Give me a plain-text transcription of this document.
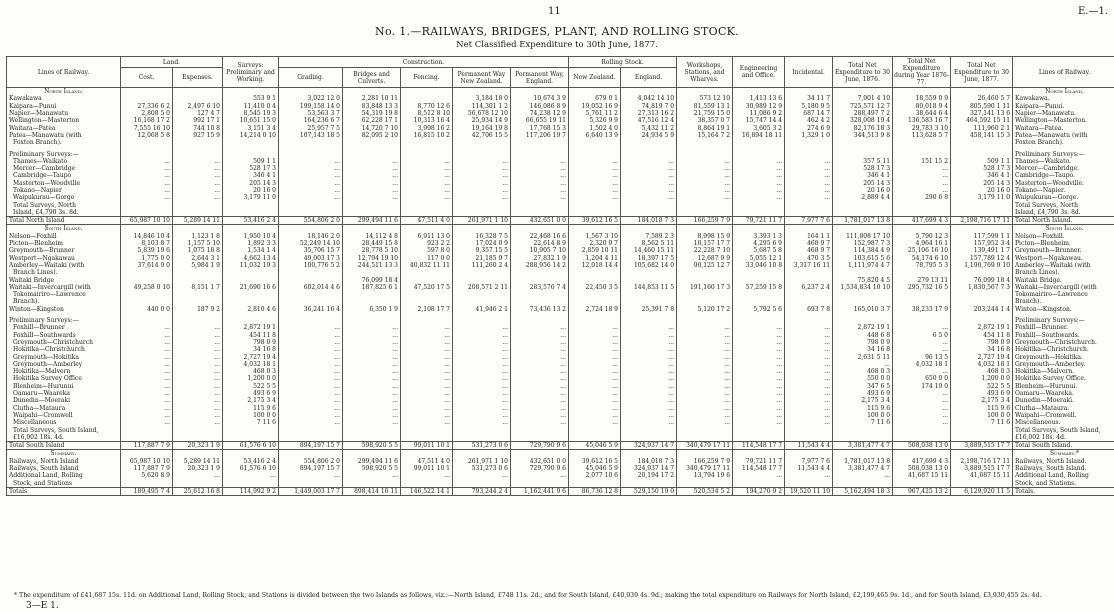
11	E.—1.
No. 1.—RAILWAYS, BRIDGES, PLANT, AND ROLLING STOCK.
Net Classified Expenditure to 30th June, 1877.
Lines of Railway.	Land.		Surveys: Preliminary and Working.	Construction.					Rolling Stock.		Workshops, Stations, and Wharves.	Engineering and Office.	Incidental.	Total Net Expenditure to 30 June, 1876.	Total Net Expenditure during Year 1876-77.	Total Net Expenditure to 30 June, 1877.	Lines of Railway.
	Cost.	Expenses.		Grading.	Bridges and Culverts.	Fencing.	Permanent Way New Zealand.	Permanent Way, England.	New Zealand.	England.							
North Island.																	North Island.
Kawakawa			553 9 1	3,022 12 0	2,281 10 11		3,184 18 0	10,674 3 9	679 0 1	4,042 14 10	573 12 10	1,413 13 6	34 11 7	7,901 4 10	18,559 0 9	26,460 5 7	Kawakawa.
Kaipara—Punui	27,336 6 2	2,497 6 10	11,410 0 4	199,158 14 0	83,848 13 3	8,770 12 6	114,301 1 2	146,086 8 9	19,052 16 9	74,819 7 0	81,559 13 1	30,989 12 9	5,180 9 5	725,571 12 7	80,018 9 4	805,590 1 11	Kaipara—Punui.
Napier—Manawatu	2,808 5 0	127 4 7	8,545 19 3	53,563 3 7	54,319 19 8	8,512 8 10	56,678 12 10	74,238 12 9	5,761 11 2	27,313 16 2	21,759 15 0	11,086 9 2	687 14 7	288,497 7 2	38,644 6 4	327,141 13 6	Napier—Manawatu.
Wellington—Masterton	16,168 17 2	992 17 1	10,651 15 0	164,236 6 7	62,228 17 1	10,313 16 4	25,934 14 9	66,655 19 11	5,326 9 9	47,516 12 4	38,357 0 7	15,747 14 4	462 4 2	328,008 19 4	136,583 16 7	464,592 15 11	Wellington—Masterton.
Waitara—Patea	7,555 16 10	744 10 8	3,151 3 4	25,957 7 5	14,720 7 10	3,998 16 2	19,164 19 8	17,768 15 3	1,502 4 0	5,432 11 2	8,864 19 1	3,605 3 2	274 6 9	82,176 18 3	29,783 3 10	111,960 2 1	Waitara—Patea.
Patea—Manawatu (with	12,068 5 8	927 15 9	14,214 0 10	107,143 18 5	82,095 2 10	16,815 10 2	42,706 15 5	117,206 19 7	6,640 13 9	24,934 5 9	15,164 7 2	16,894 18 11	1,329 1 0	344,513 9 8	113,628 5 7	458,141 15 3	Patea—Manawatu (with
Foxton Branch).																	Foxton Branch).

Preliminary Surveys:—																	Preliminary Surveys:—
Thames—Waikato	...	...	509 1 1	...	...	...	...	...	...	...	...	...	...	357 5 11	151 15 2	509 1 1	Thames—Waikato.
Mercer—Cambridge	...	...	528 17 3	...	...	...	...	...	...	...	...	...	...	528 17 3	...	528 17 3	Mercer—Cambridge.
Cambridge—Taupo	...	...	346 4 1	...	...	...	...	...	...	...	...	...	...	346 4 1	...	346 4 1	Cambridge—Taupo.
Masterton—Woodville	...	...	205 14 3	...	...	...	...	...	...	...	...	...	...	205 14 3	...	205 14 3	Masterton—Woodville.
Tokano—Napier	...	...	20 16 0	...	...	...	...	...	...	...	...	...	...	20 16 0	...	20 16 0	Tokano—Napier.
Waipukurau—Gorge	...	...	3,179 11 0	...	...	...	...	...	...	...	...	...	...	2,889 4 4	290 6 8	3,179 11 0	Waipukurau—Gorge.
Total Surveys, North																	Total Surveys, North
Island, £4,790 3s. 8d.																	Island, £4,790 3s. 8d.
Total North Island	65,987 10 10	5,289 14 11	53,416 2 4	554,806 2 0	299,494 11 6	47,511 4 0	261,971 1 10	432,651 0 0	39,612 16 5	184,018 7 3	166,259 7 9	79,721 11 7	7,977 7 6	1,781,017 13 8	417,699 4 3	2,198,716 17 11	Total North Island.
South Island.																	South Island.
Nelson—Foxhill	14,846 10 4	1,123 1 8	1,950 10 4	18,146 2 0	14,112 4 8	6,911 13 0	16,328 7 5	22,468 16 6	1,567 3 10	7,589 2 3	8,998 15 9	3,393 1 3	164 1 1	111,808 17 10	5,790 12 3	117,599 1 1	Nelson—Foxhill.
Picton—Blenheim	8,103 8 7	1,157 5 10	1,892 3 3	52,249 14 10	28,449 15 8	923 2 2	17,024 0 9	22,614 8 9	2,320 9 7	8,562 5 11	10,157 17 7	4,295 6 9	468 9 7	152,987 7 3	4,964 16 1	157,952 3 4	Picton—Blenheim.
Greymouth—Brunner	5,839 19 6	1,075 18 8	1,534 1 4	35,706 15 7	28,778 5 10	597 8 0	9,357 15 5	10,905 7 10	2,859 10 11	14,460 15 11	22,228 7 10	5,687 5 8	468 9 7	114,384 4 9	25,106 16 10	139,491 1 7	Greymouth—Brunner.
Westport—Ngakawau	1,775 0 0	2,644 3 1	4,662 13 4	49,003 17 3	12,794 19 10	117 0 0	21,185 9 7	27,832 1 9	1,204 4 11	18,397 17 5	12,687 9 9	5,055 12 1	470 3 5	103,615 5 6	54,174 6 10	157,789 12 4	Westport—Ngakawau.
Amberley—Waitaki (with	37,614 9 0	5,984 1 9	11,032 19 3	100,776 5 2	244,511 13 3	40,832 11 11	111,260 2 4	288,956 14 2	12,018 14 4	105,682 14 0	90,125 12 7	33,046 10 8	3,317 16 11	1,111,974 4 7	78,795 5 3	1,190,769 9 10	Amberley—Waitaki (with
Branch Lines).																	Branch Lines).
Waitaki Bridge					76,099 18 4									75,820 4 5	279 13 11	76,099 18 4	Waitaki Bridge.
Waitaki—Invercargill (with	49,258 0 10	8,151 1 7	21,690 16 6	602,014 4 6	187,825 6 1	47,520 17 5	208,571 2 11	283,576 7 4	22,450 3 5	144,853 11 5	191,160 17 3	57,259 15 8	6,237 2 4	1,534,834 10 10	295,732 16 5	1,830,567 7 3	Waitaki—Invercargill (with
Tokomairiro—Lawrence																	Tokomairiro—Lawrence
Branch).																	Branch).
Winton—Kingston	440 0 0	187 9 2	2,810 4 6	36,241 16 4	6,350 1 9	2,108 17 7	41,946 2 1	73,436 13 2	2,724 18 9	25,391 7 8	5,120 17 2	5,792 5 6	693 7 8	165,010 3 7	38,233 17 9	203,244 1 4	Winton—Kingston.

Preliminary Surveys:—																	Preliminary Surveys:—
Foxhill—Brunner	...	...	2,872 19 1	...	...	...	...	...	...	...	...	...	...	2,872 19 1	...	2,872 19 1	Foxhill—Brunner.
Foxhill—Southwards	...	...	454 11 8	...	...	...	...	...	...	...	...	...	...	448 6 8	6 5 0	454 11 8	Foxhill—Southwards.
Greymouth—Christchurch	...	...	798 0 9	...	...	...	...	...	...	...	...	...	...	798 0 9	...	798 0 9	Greymouth—Christchurch.
Hokitika—Christchurch	...	...	34 16 8	...	...	...	...	...	...	...	...	...	...	34 16 8	...	34 16 8	Hokitika—Christchurch.
Greymouth—Hokitika	...	...	2,727 19 4	...	...	...	...	...	...	...	...	...	...	2,631 5 11	96 13 5	2,727 19 4	Greymouth—Hokitika.
Greymouth—Amberley	...	...	4,032 18 1	...	...	...	...	...	...	...	...	...	...	...	4,032 18 1	4,032 18 1	Greymouth—Amberley.
Hokitika—Malvern	...	...	468 0 3	...	...	...	...	...	...	...	...	...	...	468 0 3	...	468 0 3	Hokitika—Malvern.
Hokitika Survey Office	...	...	1,200 0 0	...	...	...	...	...	...	...	...	...	...	550 0 0	650 0 0	1,200 0 0	Hokitika Survey Office.
Blenheim—Hurunui	...	...	522 5 5	...	...	...	...	...	...	...	...	...	...	347 6 5	174 19 0	522 5 5	Blenheim—Hurunui.
Oamaru—Waareka	...	...	493 6 9	...	...	...	...	...	...	...	...	...	...	493 6 9	...	493 6 9	Oamaru—Waareka.
Dunedin—Moeraki	...	...	2,175 3 4	...	...	...	...	...	...	...	...	...	...	2,175 3 4	...	2,175 3 4	Dunedin—Moeraki.
Clutha—Mataura	...	...	115 9 6	...	...	...	...	...	...	...	...	...	...	115 9 6	...	115 9 6	Clutha—Mataura.
Waipahi—Cromwell	...	...	100 0 0	...	...	...	...	...	...	...	...	...	...	100 0 0	...	100 0 0	Waipahi—Cromwell.
Miscellaneous	...	...	7 11 6	...	...	...	...	...	...	...	...	...	...	7 11 6	...	7 11 6	Miscellaneous.
Total Surveys, South Island,																	Total Surveys, South Island,
£16,002 18s. 4d.																	£16,002 18s. 4d.
Total South Island	117,887 7 9	20,323 1 9	61,576 6 10	894,197 15 7	598,920 5 5	99,011 10 1	531,273 0 6	729,790 9 6	45,046 5 9	324,937 14 7	340,479 17 11	114,548 17 7	11,543 4 4	3,381,477 4 7	508,038 13 0	3,889,515 17 7	Total South Island.
Summary.																	Summary.*
Railways, North Island	65,987 10 10	5,289 14 11	53,416 2 4	554,806 2 0	299,494 11 6	47,511 4 0	261,971 1 10	432,651 0 0	39,612 16 5	184,018 7 3	166,259 7 9	79,721 11 7	7,977 7 6	1,781,017 13 8	417,699 4 3	2,198,716 17 11	Railways, North Island.
Railways, South Island	117,887 7 9	20,323 1 9	61,576 6 10	894,197 15 7	598,920 5 5	99,011 10 1	531,273 0 6	729,790 9 6	45,046 5 9	324,937 14 7	340,479 17 11	114,548 17 7	11,543 4 4	3,381,477 4 7	508,038 13 0	3,889,515 17 7	Railways, South Island.
Additional Land, Rolling	5,620 8 9	...	...	...	...	...	...	...	2,077 10 6	20,194 17 2	13,794 19 6	...	...	...	41,687 15 11	41,687 15 11	Additional Land, Rolling
Stock, and Stations																	Stock, and Stations.
Totals	189,495 7 4	25,612 16 8	114,992 9 2	1,449,003 17 7	898,414 16 11	146,522 14 1	793,244 2 4	1,162,441 9 6	86,736 12 8	529,150 19 0	520,534 5 2	194,270 9 2	19,520 11 10	5,162,494 18 3	967,425 13 2	6,129,920 11 5	Totals.
* The expenditure of £41,687 15s. 11d. on Additional Land, Rolling Stock, and Stations is divided between the two Islands as follows, viz.:—North Island, £748 11s. 2d., and for South Island, £40,939 4s. 9d.; making the total expenditure on Railways for North Island, £2,199,465 9s. 1d., and for South Island, £3,930,455 2s. 4d.
3—E 1.
